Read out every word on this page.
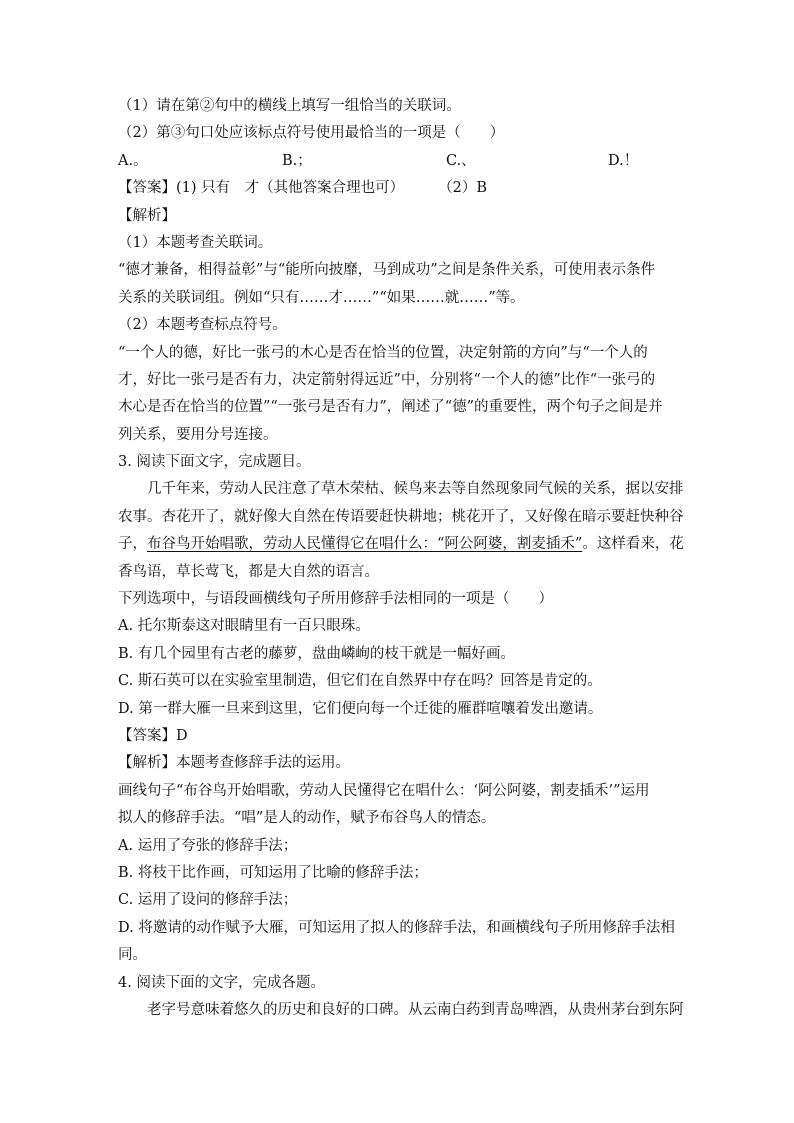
（1）请在第②句中的横线上填写一组恰当的关联词。
（2）第③句口处应该标点符号使用最恰当的一项是（　　）
A.。	B.；	C.、	D.！
【答案】(1) 只有　才（其他答案合理也可） （2）B
【解析】
（1）本题考查关联词。
“德才兼备，相得益彰”与“能所向披靡，马到成功”之间是条件关系，可使用表示条件
关系的关联词组。例如“只有……才……”“如果……就……”等。
（2）本题考查标点符号。
“一个人的德，好比一张弓的木心是否在恰当的位置，决定射箭的方向”与“一个人的
才，好比一张弓是否有力，决定箭射得远近”中，分别将“一个人的德”比作“一张弓的
木心是否在恰当的位置”“一张弓是否有力”，阐述了“德”的重要性，两个句子之间是并
列关系，要用分号连接。
3. 阅读下面文字，完成题目。
几千年来，劳动人民注意了草木荣枯、候鸟来去等自然现象同气候的关系，据以安排
农事。杏花开了，就好像大自然在传语要赶快耕地；桃花开了，又好像在暗示要赶快种谷
子，布谷鸟开始唱歌，劳动人民懂得它在唱什么：“阿公阿婆，割麦插禾”。这样看来，花
香鸟语，草长莺飞，都是大自然的语言。
下列选项中，与语段画横线句子所用修辞手法相同的一项是（　　）
A. 托尔斯泰这对眼睛里有一百只眼珠。
B. 有几个园里有古老的藤萝，盘曲嶙峋的枝干就是一幅好画。
C. 斯石英可以在实验室里制造，但它们在自然界中存在吗？回答是肯定的。
D. 第一群大雁一旦来到这里，它们便向每一个迁徙的雁群喧嚷着发出邀请。
【答案】D
【解析】本题考查修辞手法的运用。
画线句子“布谷鸟开始唱歌，劳动人民懂得它在唱什么：‘阿公阿婆，割麦插禾’”运用
拟人的修辞手法。“唱”是人的动作，赋予布谷鸟人的情态。
A. 运用了夸张的修辞手法；
B. 将枝干比作画，可知运用了比喻的修辞手法；
C. 运用了设问的修辞手法；
D. 将邀请的动作赋予大雁，可知运用了拟人的修辞手法，和画横线句子所用修辞手法相
同。
4. 阅读下面的文字，完成各题。
老字号意味着悠久的历史和良好的口碑。从云南白药到青岛啤酒，从贵州茅台到东阿
